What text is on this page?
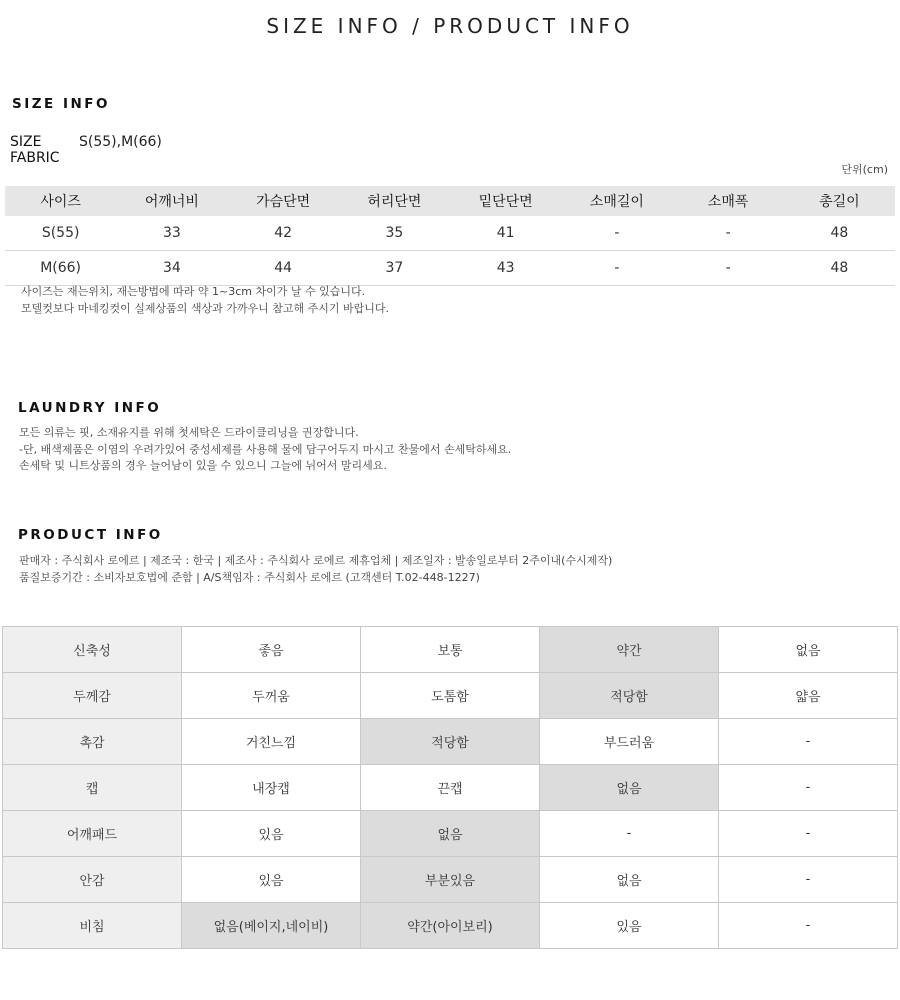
SIZE INFO / PRODUCT INFO
SIZE INFO
SIZE	S(55),M(66)
FABRIC
단위(cm)
사이즈	어깨너비	가슴단면	허리단면	밑단단면	소매길이	소매폭	총길이
S(55)	33	42	35	41	-	-	48
M(66)	34	44	37	43	-	-	48
사이즈는 재는위치, 재는방법에 따라 약 1~3cm 차이가 날 수 있습니다.
모델컷보다 마네킹컷이 실제상품의 색상과 가까우니 참고해 주시기 바랍니다.
LAUNDRY INFO
모든 의류는 핏, 소재유지를 위해 첫세탁은 드라이클리닝을 권장합니다.
-단, 배색제품은 이염의 우려가있어 중성세제를 사용해 물에 담구어두지 마시고 찬물에서 손세탁하세요.
손세탁 및 니트상품의 경우 늘어남이 있을 수 있으니 그늘에 뉘어서 말리세요.
PRODUCT INFO
판매자 : 주식회사 로에르 | 제조국 : 한국 | 제조사 : 주식회사 로에르 제휴업체 | 제조일자 : 발송일로부터 2주이내(수시제작)
품질보증기간 : 소비자보호법에 준함 | A/S책임자 : 주식회사 로에르 (고객센터 T.02-448-1227)
신축성	좋음	보통	약간	없음
두께감	두꺼움	도톰함	적당함	얇음
촉감	거친느낌	적당함	부드러움	-
캡	내장캡	끈캡	없음	-
어깨패드	있음	없음	-	-
안감	있음	부분있음	없음	-
비침	없음(베이지,네이비)	약간(아이보리)	있음	-
